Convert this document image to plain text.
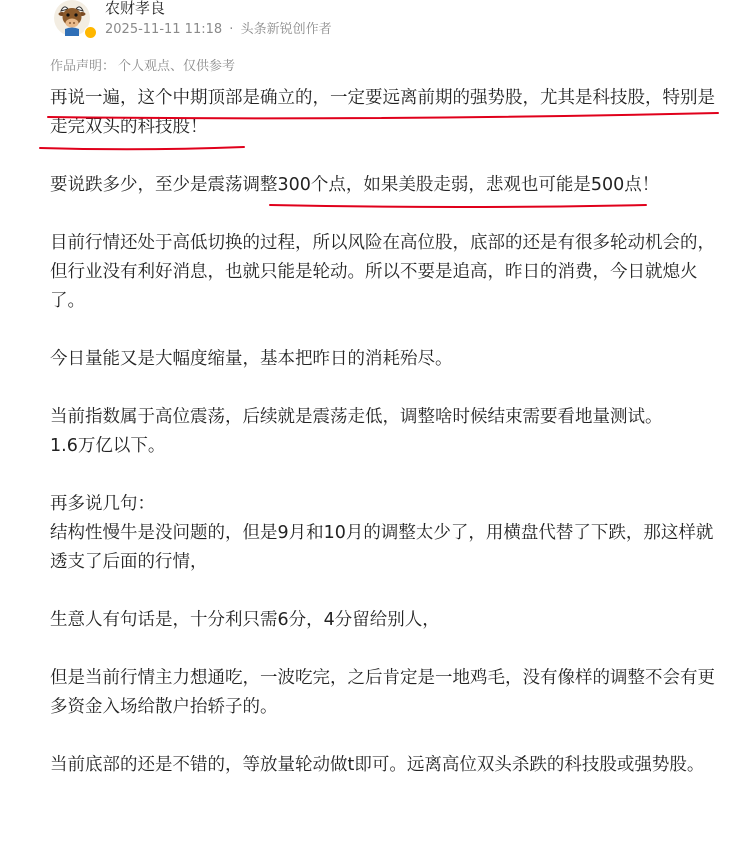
农财孝良
2025-11-11 11:18 · 头条新锐创作者
作品声明： 个人观点、仅供参考

再说一遍，这个中期顶部是确立的，一定要远离前期的强势股，尤其是科技股，特别是走完双头的科技股！

要说跌多少，至少是震荡调整300个点，如果美股走弱，悲观也可能是500点！

目前行情还处于高低切换的过程，所以风险在高位股，底部的还是有很多轮动机会的，

但行业没有利好消息，也就只能是轮动。所以不要是追高，昨日的消费，今日就熄火了。

今日量能又是大幅度缩量，基本把昨日的消耗殆尽。

当前指数属于高位震荡，后续就是震荡走低，调整啥时候结束需要看地量测试。

1.6万亿以下。

再多说几句：

结构性慢牛是没问题的，但是9月和10月的调整太少了，用横盘代替了下跌，那这样就透支了后面的行情，

生意人有句话是，十分利只需6分，4分留给别人，

但是当前行情主力想通吃，一波吃完，之后肯定是一地鸡毛，没有像样的调整不会有更多资金入场给散户抬轿子的。

当前底部的还是不错的，等放量轮动做t即可。远离高位双头杀跌的科技股或强势股。
